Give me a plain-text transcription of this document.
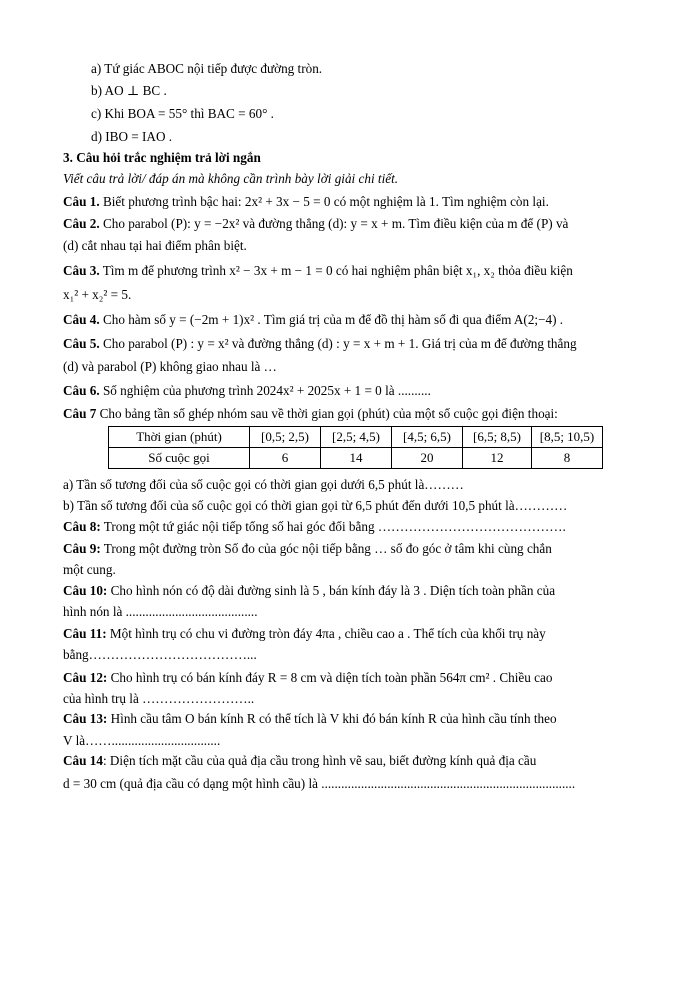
a) Tứ giác ABOC nội tiếp được đường tròn.
b) AO ⊥ BC .
c) Khi BOA = 55° thì BAC = 60° .
d) IBO = IAO .
3. Câu hỏi trắc nghiệm trả lời ngắn
Viết câu trả lời/ đáp án mà không cần trình bày lời giải chi tiết.
Câu 1. Biết phương trình bậc hai: 2x² + 3x − 5 = 0 có một nghiệm là 1. Tìm nghiệm còn lại.
Câu 2. Cho parabol (P): y = −2x² và đường thẳng (d): y = x + m. Tìm điều kiện của m để (P) và
(d) cắt nhau tại hai điểm phân biệt.
Câu 3. Tìm m để phương trình x² − 3x + m − 1 = 0 có hai nghiệm phân biệt x₁, x₂ thỏa điều kiện
x₁² + x₂² = 5.
Câu 4. Cho hàm số y = (−2m + 1)x² . Tìm giá trị của m để đồ thị hàm số đi qua điểm A(2;−4) .
Câu 5. Cho parabol (P) : y = x² và đường thẳng (d) : y = x + m + 1. Giá trị của m để đường thẳng
(d) và parabol (P) không giao nhau là …
Câu 6. Số nghiệm của phương trình 2024x² + 2025x + 1 = 0 là ..........
Câu 7 Cho bảng tần số ghép nhóm sau về thời gian gọi (phút) của một số cuộc gọi điện thoại:
Thời gian (phút)	[0,5; 2,5)	[2,5; 4,5)	[4,5; 6,5)	[6,5; 8,5)	[8,5; 10,5)
Số cuộc gọi	6	14	20	12	8
a) Tần số tương đối của số cuộc gọi có thời gian gọi dưới 6,5 phút là………
b) Tần số tương đối của số cuộc gọi có thời gian gọi từ 6,5 phút đến dưới 10,5 phút là…………
Câu 8: Trong một tứ giác nội tiếp tổng số hai góc đối bằng …………………………………….
Câu 9: Trong một đường tròn Số đo của góc nội tiếp bằng … số đo góc ở tâm khi cùng chắn
một cung.
Câu 10: Cho hình nón có độ dài đường sinh là 5 , bán kính đáy là 3 . Diện tích toàn phần của
hình nón là ........................................
Câu 11: Một hình trụ có chu vi đường tròn đáy 4πa , chiều cao a . Thể tích của khối trụ này
bằng………………………………...
Câu 12: Cho hình trụ có bán kính đáy R = 8 cm và diện tích toàn phần 564π cm² . Chiều cao
của hình trụ là ……………………..
Câu 13: Hình cầu tâm O bán kính R có thể tích là V khi đó bán kính R của hình cầu tính theo
V là…….................................
Câu 14: Diện tích mặt cầu của quả địa cầu trong hình vẽ sau, biết đường kính quả địa cầu
d = 30 cm (quả địa cầu có dạng một hình cầu) là .............................................................................
